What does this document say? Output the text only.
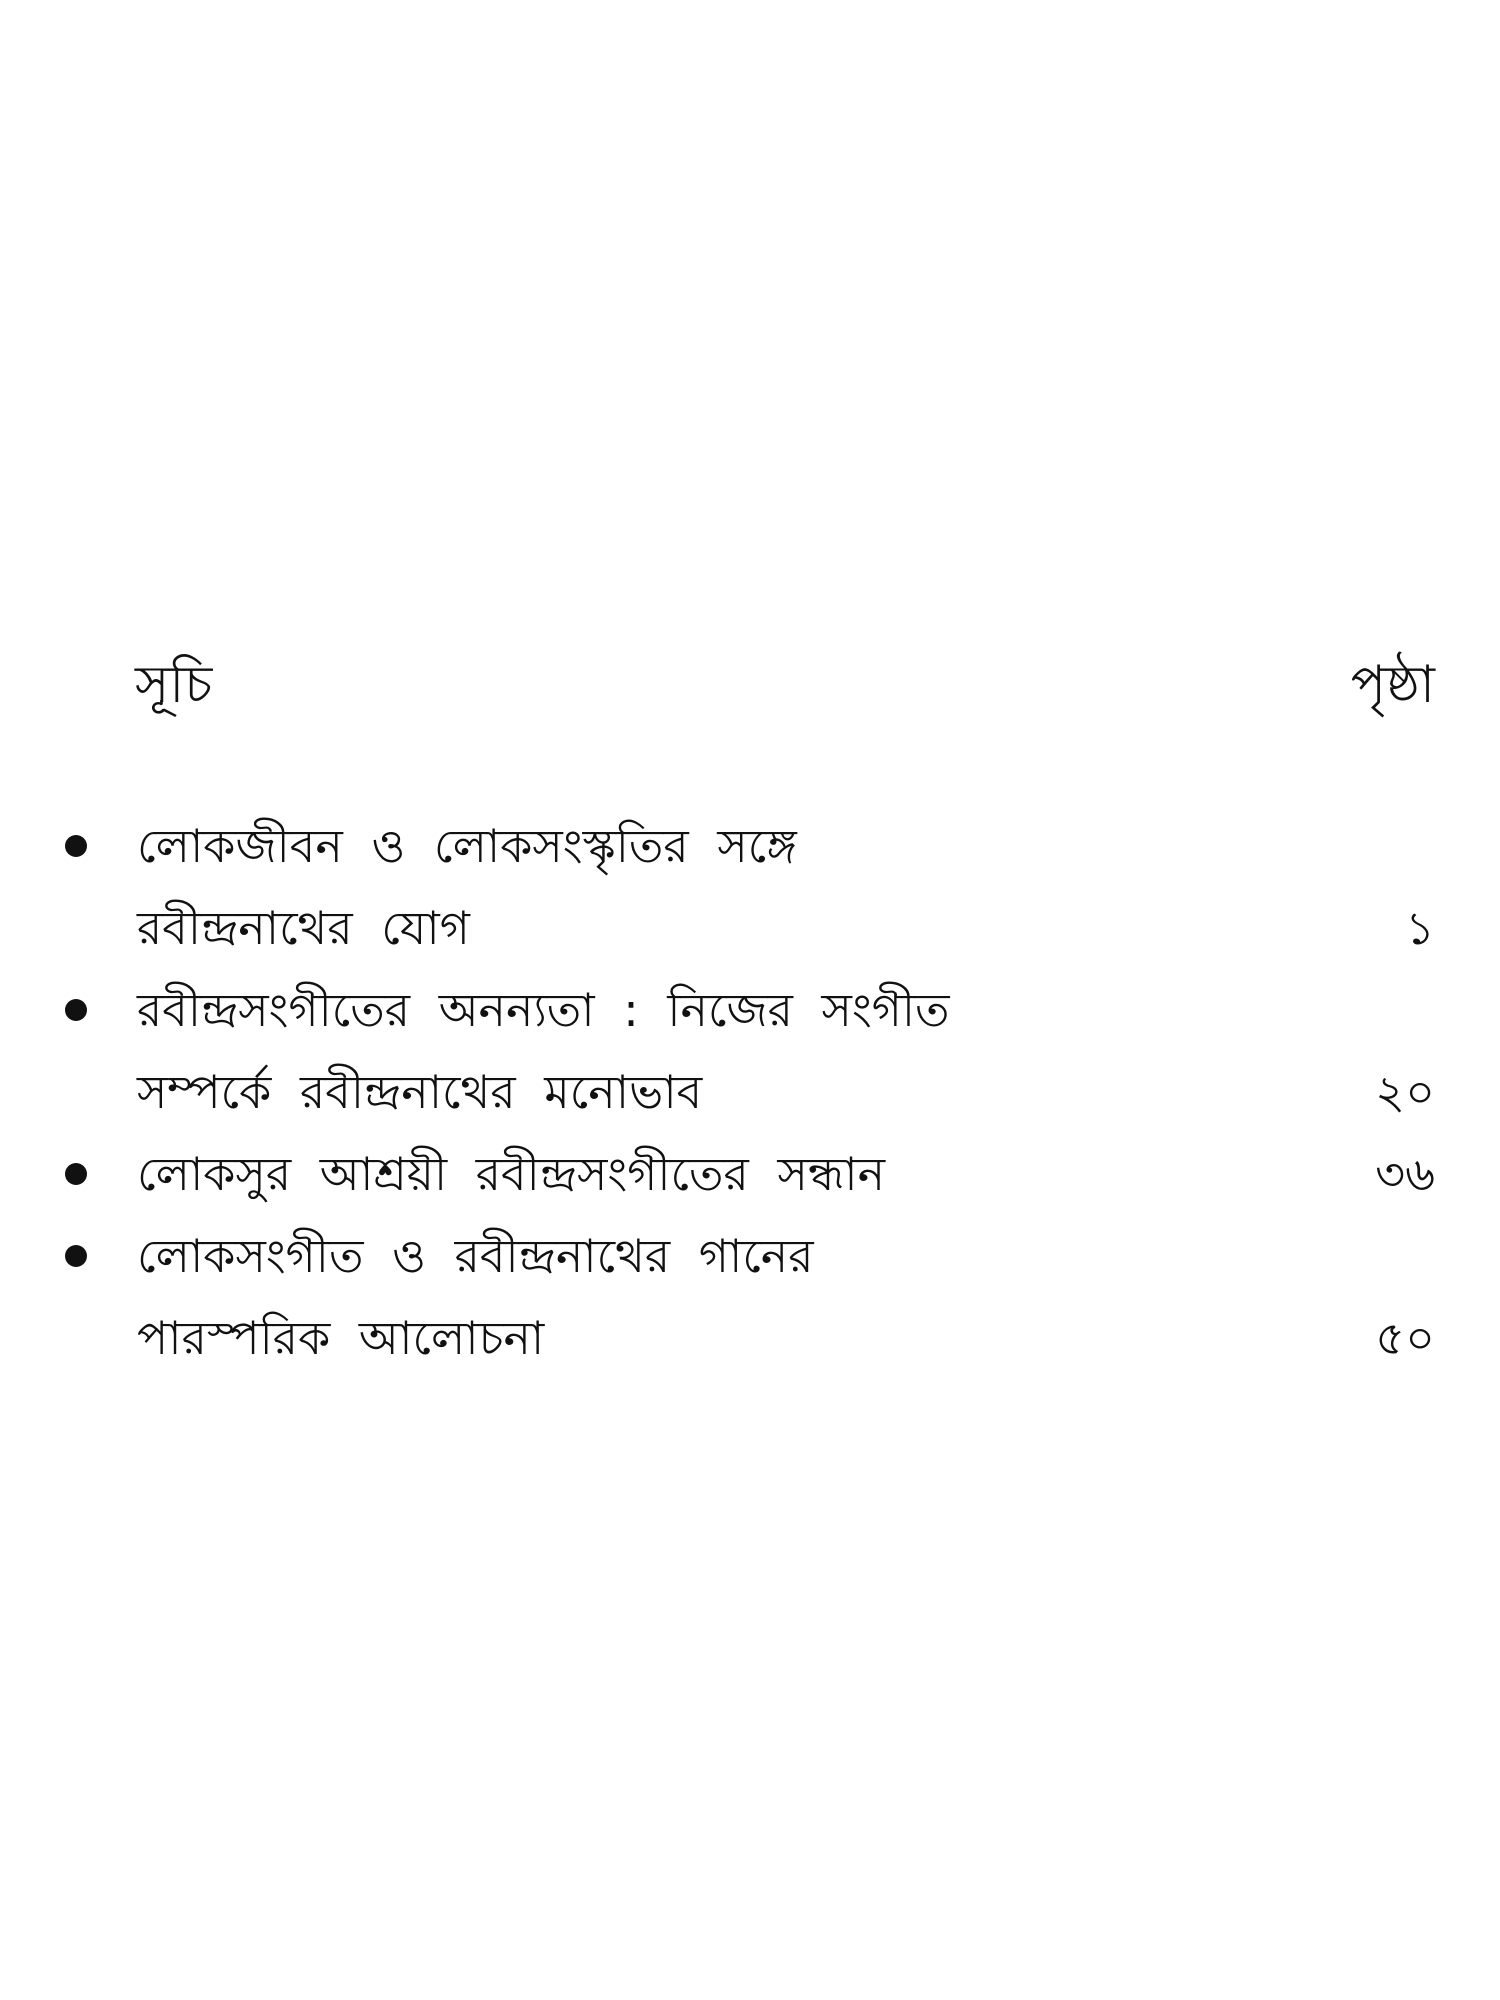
সূচি	পৃষ্ঠা
লোকজীবন ও লোকসংস্কৃতির সঙ্গে
রবীন্দ্রনাথের যোগ	১
রবীন্দ্রসংগীতের অনন্যতা : নিজের সংগীত
সম্পর্কে রবীন্দ্রনাথের মনোভাব	২০
লোকসুর আশ্রয়ী রবীন্দ্রসংগীতের সন্ধান	৩৬
লোকসংগীত ও রবীন্দ্রনাথের গানের
পারস্পরিক আলোচনা	৫০
